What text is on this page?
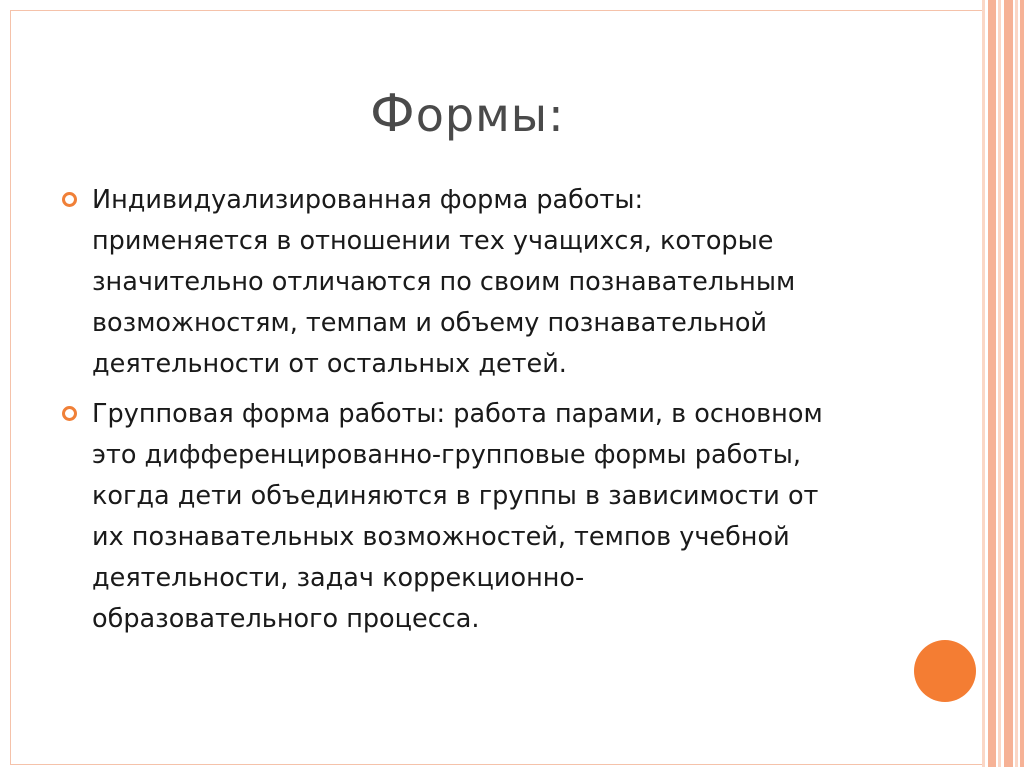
Формы:
Индивидуализированная форма работы:
применяется в отношении тех учащихся, которые
значительно отличаются по своим познавательным
возможностям, темпам и объему познавательной
деятельности от остальных детей.
Групповая форма работы: работа парами, в основном
это дифференцированно-групповые формы работы,
когда дети объединяются в группы в зависимости от
их познавательных возможностей, темпов учебной
деятельности, задач коррекционно-
образовательного процесса.
